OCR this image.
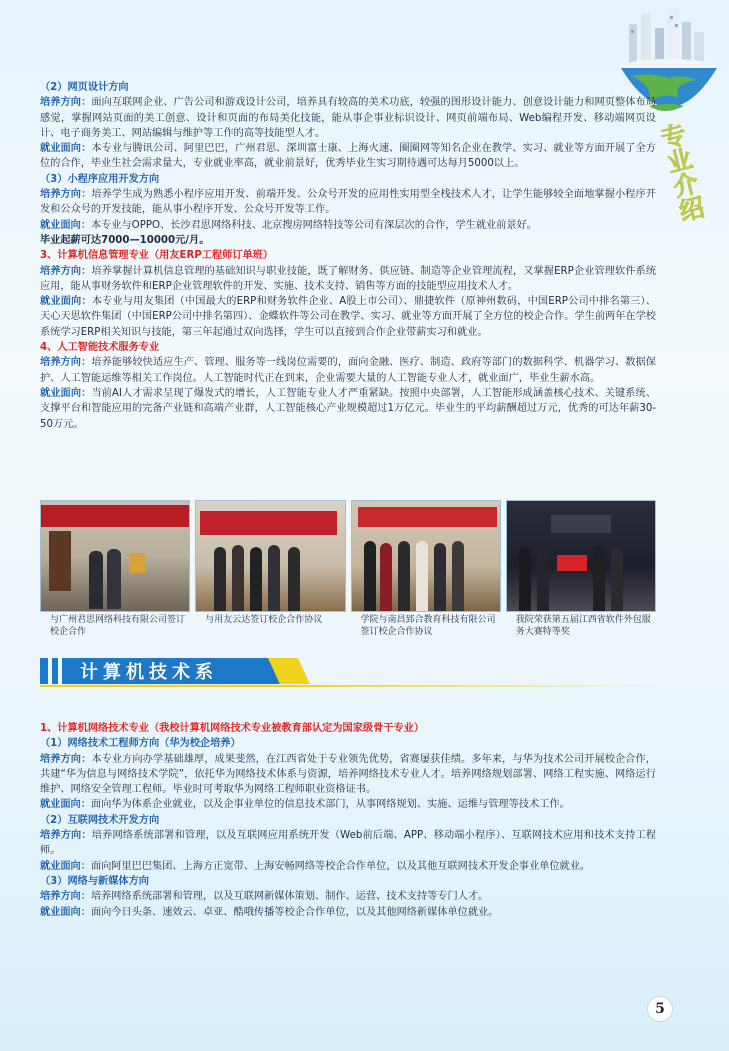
专业介绍

（2）网页设计方向

培养方向：面向互联网企业、广告公司和游戏设计公司，培养具有较高的美术功底，较强的图形设计能力、创意设计能力和网页整体布局感觉，掌握网站页面的美工创意、设计和页面的布局美化技能，能从事企事业标识设计、网页前端布局、Web编程开发、移动端网页设计、电子商务美工、网站编辑与维护等工作的高等技能型人才。

就业面向：本专业与腾讯公司、阿里巴巴，广州君思、深圳富士康、上海火速、圈圈网等知名企业在教学、实习、就业等方面开展了全方位的合作，毕业生社会需求量大，专业就业率高，就业前景好，优秀毕业生实习期待遇可达每月5000以上。

（3）小程序应用开发方向

培养方向：培养学生成为熟悉小程序应用开发、前端开发、公众号开发的应用性实用型全栈技术人才，让学生能够较全面地掌握小程序开发和公众号的开发技能，能从事小程序开发、公众号开发等工作。

就业面向：本专业与OPPO、长沙君思网络科技、北京搜房网络特技等公司有深层次的合作，学生就业前景好。

毕业起薪可达7000—10000元/月。

3、计算机信息管理专业（用友ERP工程师订单班）

培养方向：培养掌握计算机信息管理的基础知识与职业技能，既了解财务、供应链、制造等企业管理流程，又掌握ERP企业管理软件系统应用，能从事财务软件和ERP企业管理软件的开发、实施、技术支持、销售等方面的技能型应用技术人才。

就业面向：本专业与用友集团（中国最大的ERP和财务软件企业、A股上市公司）、鼎捷软件（原神州数码，中国ERP公司中排名第三）、天心天思软件集团（中国ERP公司中排名第四）、金蝶软件等公司在教学、实习、就业等方面开展了全方位的校企合作。学生前两年在学校系统学习ERP相关知识与技能，第三年起通过双向选择，学生可以直接到合作企业带薪实习和就业。

4、人工智能技术服务专业

培养方向：培养能够较快适应生产、管理、服务等一线岗位需要的，面向金融、医疗、制造、政府等部门的数据科学、机器学习、数据保护、人工智能运维等相关工作岗位。人工智能时代正在到来，企业需要大量的人工智能专业人才，就业面广，毕业生薪水高。

就业面向：当前AI人才需求呈现了爆发式的增长，人工智能专业人才严重紧缺。按照中央部署，人工智能形成涵盖核心技术、关键系统、支撑平台和智能应用的完备产业链和高端产业群，人工智能核心产业规模超过1万亿元。毕业生的平均薪酬超过万元，优秀的可达年薪30-50万元。

与广州君思网络科技有限公司签订校企合作
与用友云达签订校企合作协议	学院与南昌郅合教育科技有限公司签订校企合作协议
我院荣获第五届江西省软件外包服务大赛特等奖
计算机技术系

1、计算机网络技术专业（我校计算机网络技术专业被教育部认定为国家级骨干专业）

（1）网络技术工程师方向（华为校企培养）

培养方向：本专业方向办学基础雄厚，成果斐然，在江西省处于专业领先优势，省赛屡获佳绩。多年来，与华为技术公司开展校企合作，共建“华为信息与网络技术学院”，依托华为网络技术体系与资源，培养网络技术专业人才。培养网络规划部署、网络工程实施、网络运行维护、网络安全管理工程师。毕业时可考取华为网络工程师职业资格证书。

就业面向：面向华为体系企业就业，以及企事业单位的信息技术部门，从事网络规划、实施、运维与管理等技术工作。

（2）互联网技术开发方向

培养方向：培养网络系统部署和管理，以及互联网应用系统开发（Web前后端、APP、移动端小程序）、互联网技术应用和技术支持工程师。

就业面向：面向阿里巴巴集团、上海方正宽带、上海安畅网络等校企合作单位，以及其他互联网技术开发企事业单位就业。

（3）网络与新媒体方向

培养方向：培养网络系统部署和管理，以及互联网新媒体策划、制作、运营、技术支持等专门人才。

就业面向：面向今日头条、速效云、卓亚、酷哦传播等校企合作单位，以及其他网络新媒体单位就业。

5
